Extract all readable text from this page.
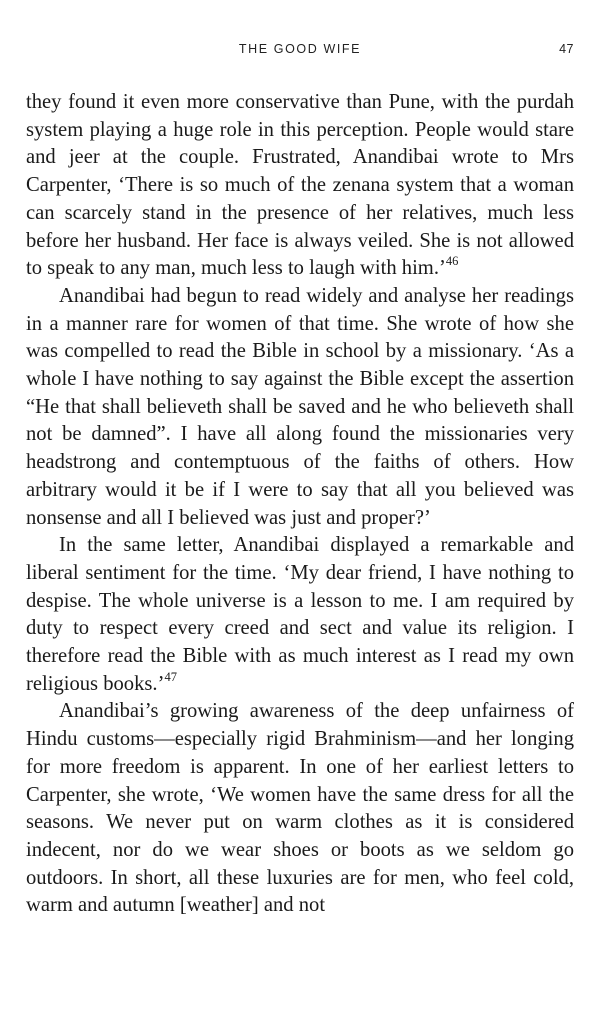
THE GOOD WIFE	47

they found it even more conservative than Pune, with the purdah system playing a huge role in this perception. People would stare and jeer at the couple. Frustrated, Anandibai wrote to Mrs Carpenter, ‘There is so much of the zenana system that a woman can scarcely stand in the presence of her relatives, much less before her husband. Her face is always veiled. She is not allowed to speak to any man, much less to laugh with him.’$^{46}$

Anandibai had begun to read widely and analyse her readings in a manner rare for women of that time. She wrote of how she was compelled to read the Bible in school by a missionary. ‘As a whole I have nothing to say against the Bible except the assertion “He that shall believeth shall be saved and he who believeth shall not be damned”. I have all along found the missionaries very headstrong and contemptuous of the faiths of others. How arbitrary would it be if I were to say that all you believed was nonsense and all I believed was just and proper?’

In the same letter, Anandibai displayed a remarkable and liberal sentiment for the time. ‘My dear friend, I have nothing to despise. The whole universe is a lesson to me. I am required by duty to respect every creed and sect and value its religion. I therefore read the Bible with as much interest as I read my own religious books.’$^{47}$

Anandibai’s growing awareness of the deep unfairness of Hindu customs—especially rigid Brahminism—and her longing for more freedom is apparent. In one of her earliest letters to Carpenter, she wrote, ‘We women have the same dress for all the seasons. We never put on warm clothes as it is considered indecent, nor do we wear shoes or boots as we seldom go outdoors. In short, all these luxuries are for men, who feel cold, warm and autumn [weather] and not
